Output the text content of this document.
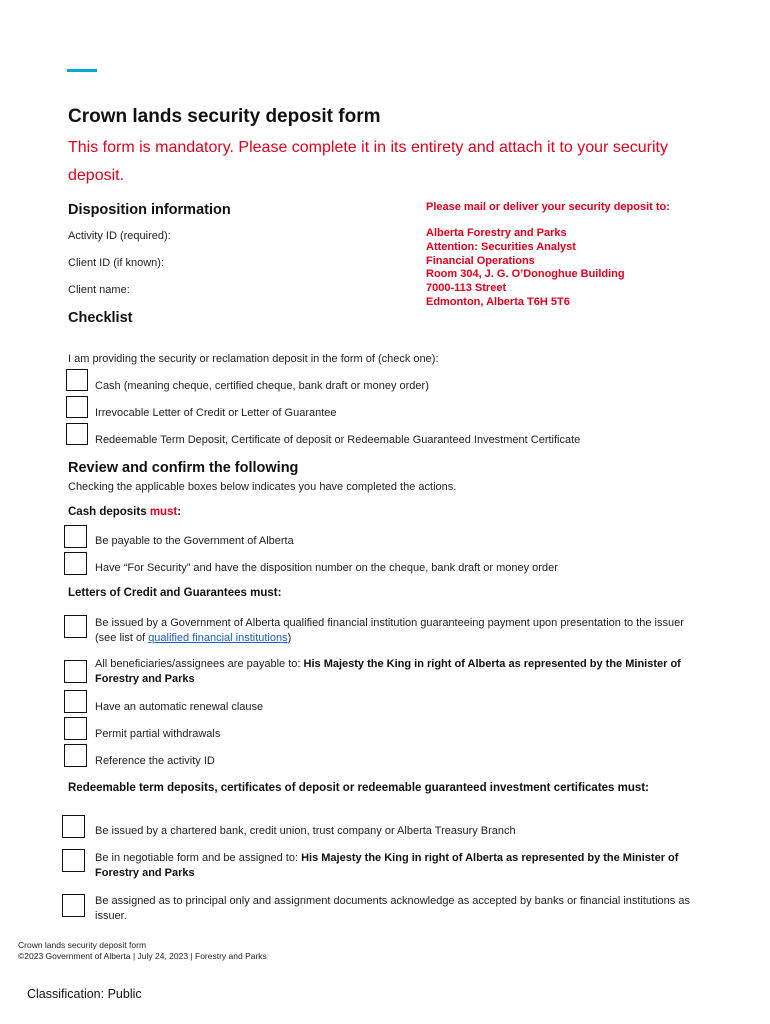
Crown lands security deposit form
This form is mandatory. Please complete it in its entirety and attach it to your security deposit.
Disposition information
Activity ID (required):
Client ID (if known):
Client name:
Please mail or deliver your security deposit to:
Alberta Forestry and Parks
Attention: Securities Analyst
Financial Operations
Room 304, J. G. O’Donoghue Building
7000-113 Street
Edmonton, Alberta T6H 5T6
Checklist
I am providing the security or reclamation deposit in the form of (check one):
Cash (meaning cheque, certified cheque, bank draft or money order)
Irrevocable Letter of Credit or Letter of Guarantee
Redeemable Term Deposit, Certificate of deposit or Redeemable Guaranteed Investment Certificate
Review and confirm the following
Checking the applicable boxes below indicates you have completed the actions.
Cash deposits must:
Be payable to the Government of Alberta
Have “For Security” and have the disposition number on the cheque, bank draft or money order
Letters of Credit and Guarantees must:
Be issued by a Government of Alberta qualified financial institution guaranteeing payment upon presentation to the issuer
(see list of qualified financial institutions)
All beneficiaries/assignees are payable to: His Majesty the King in right of Alberta as represented by the Minister of Forestry and Parks
Have an automatic renewal clause
Permit partial withdrawals
Reference the activity ID
Redeemable term deposits, certificates of deposit or redeemable guaranteed investment certificates must:
Be issued by a chartered bank, credit union, trust company or Alberta Treasury Branch
Be in negotiable form and be assigned to: His Majesty the King in right of Alberta as represented by the Minister of Forestry and Parks
Be assigned as to principal only and assignment documents acknowledge as accepted by banks or financial institutions as issuer.
Crown lands security deposit form
©2023 Government of Alberta | July 24, 2023 | Forestry and Parks
Classification: Public
